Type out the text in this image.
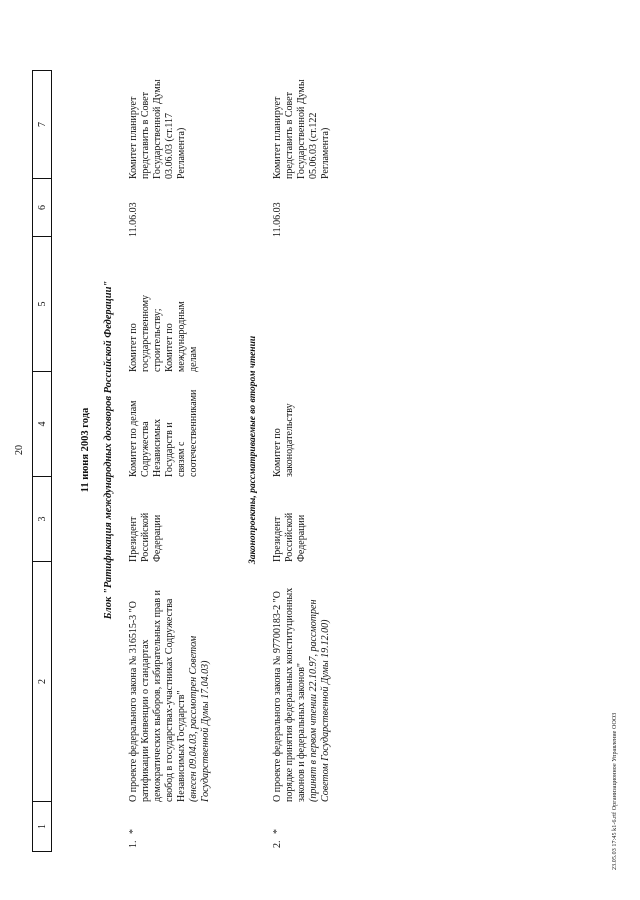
20
1
2
3
4
5
6
7
11 июня 2003 года Блок "Ратификация международных договоров Российской Федерации"
1.
*
О проекте федерального закона № 316515-3 "О ратификации Конвенции о стандартах демократических выборов, избирательных прав и свобод в государствах-участниках Содружества Независимых Государств" (внесен 09.04.03, рассмотрен Советом Государственной Думы 17.04.03)
Президент
Российской
Федерации
Комитет по делам
Содружества
Независимых
Государств и
связям с соотечественниками
Комитет по
государственному
строительству;
Комитет по
международным
делам
11.06.03
Комитет планирует представить в Совет Государственной Думы 03.06.03 (ст.117 Регламента)
Законопроекты, рассматриваемые во втором чтении
2.
*
О проекте федерального закона № 97700183-2 "О порядке принятия федеральных конституционных законов и федеральных законов" (принят в первом чтении 22.10.97, рассмотрен Советом Государственной Думы 19.12.00)
Президент
Российской
Федерации
Комитет по
законодательству
11.06.03
Комитет планирует представить в Совет Государственной Думы 05.06.03 (ст.122 Регламента)
23.05.03 17:45 k1-6.rtf Организационное Управление ООО3
